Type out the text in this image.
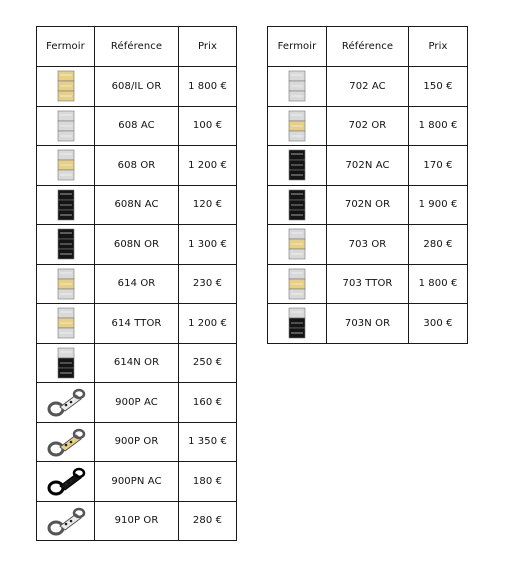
Fermoir	Référence	Prix

	608/IL OR	1 800 €

	608 AC	100 €

	608 OR	1 200 €

	608N AC	120 €

	608N OR	1 300 €

	614 OR	230 €

	614 TTOR	1 200 €

	614N OR	250 €

	900P AC	160 €

	900P OR	1 350 €

	900PN AC	180 €

	910P OR	280 €
Fermoir	Référence	Prix

	702 AC	150 €

	702 OR	1 800 €

	702N AC	170 €

	702N OR	1 900 €

	703 OR	280 €

	703 TTOR	1 800 €

	703N OR	300 €
